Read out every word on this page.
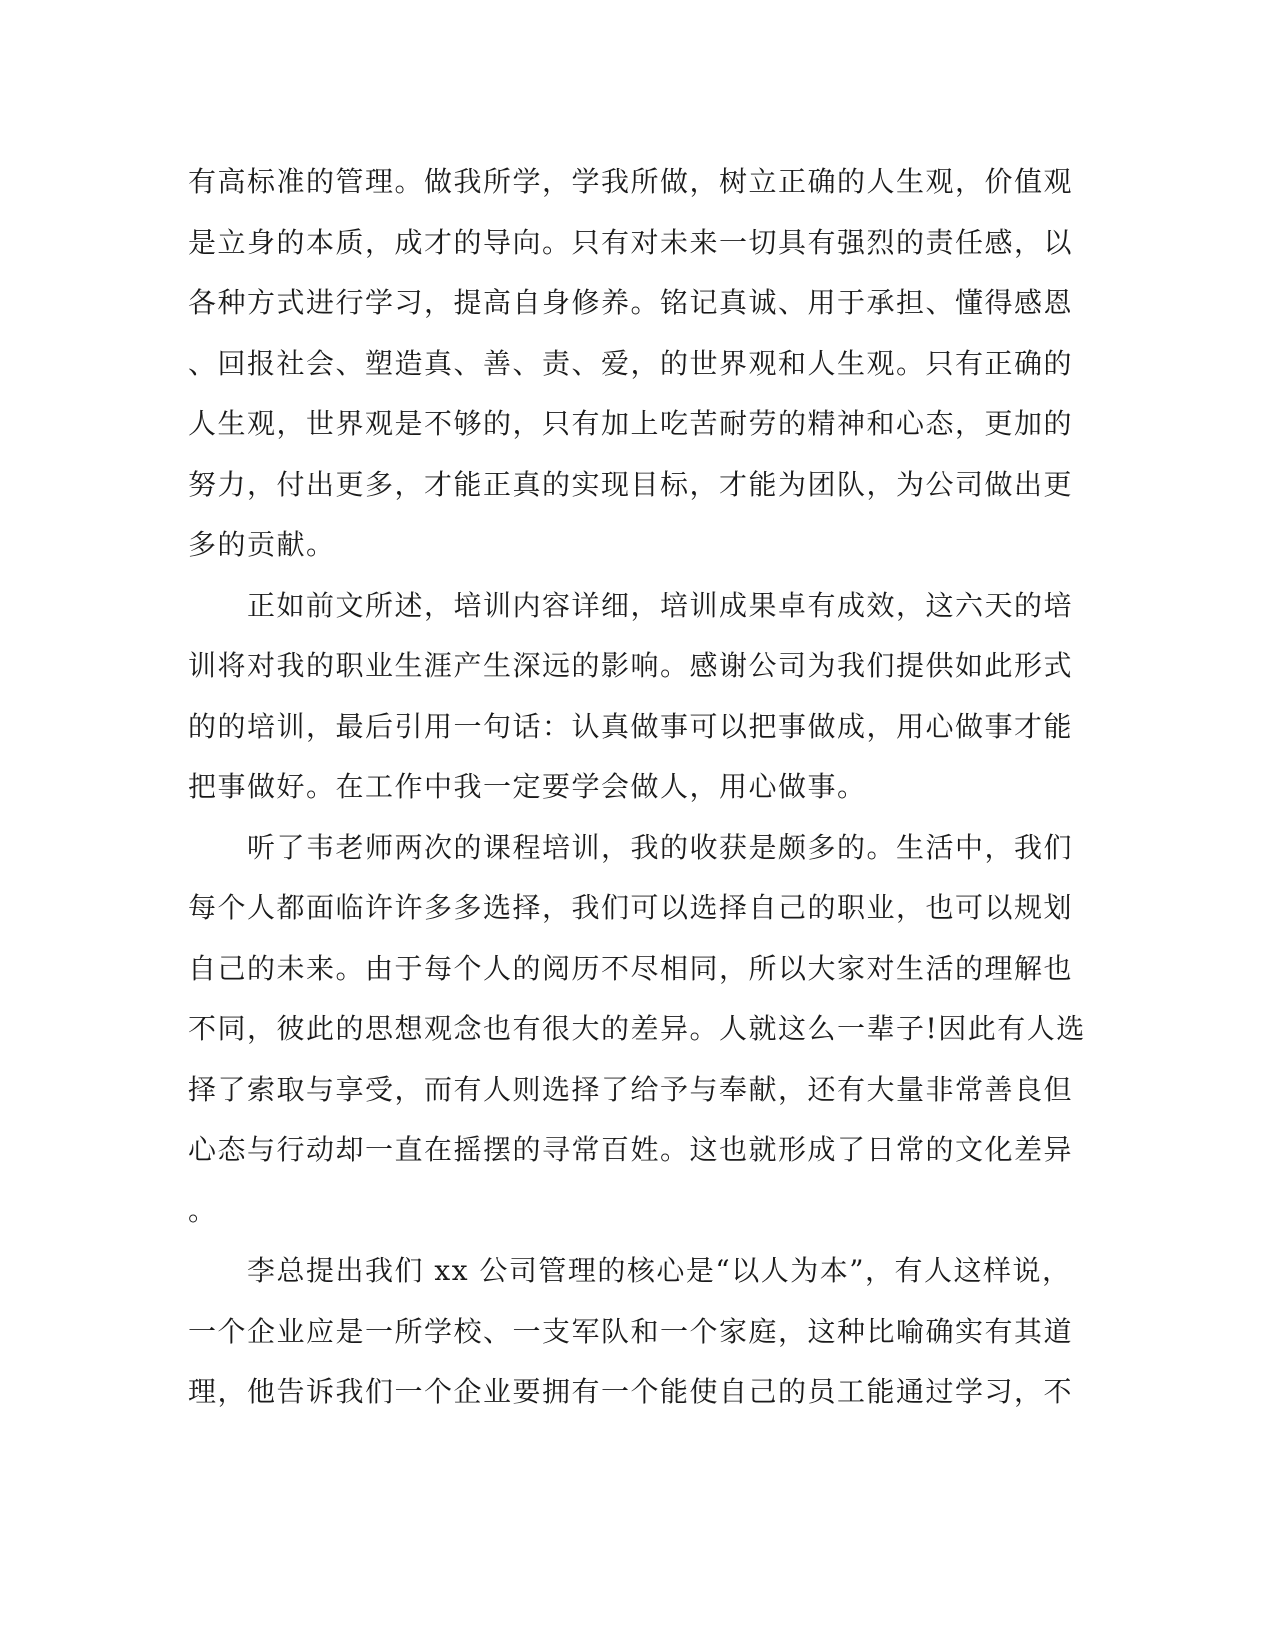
有高标准的管理。做我所学，学我所做，树立正确的人生观，价值观
是立身的本质，成才的导向。只有对未来一切具有强烈的责任感，以
各种方式进行学习，提高自身修养。铭记真诚、用于承担、懂得感恩
、回报社会、塑造真、善、责、爱，的世界观和人生观。只有正确的
人生观，世界观是不够的，只有加上吃苦耐劳的精神和心态，更加的
努力，付出更多，才能正真的实现目标，才能为团队，为公司做出更
多的贡献。
　　正如前文所述，培训内容详细，培训成果卓有成效，这六天的培
训将对我的职业生涯产生深远的影响。感谢公司为我们提供如此形式
的的培训，最后引用一句话：认真做事可以把事做成，用心做事才能
把事做好。在工作中我一定要学会做人，用心做事。
　　听了韦老师两次的课程培训，我的收获是颇多的。生活中，我们
每个人都面临许许多多选择，我们可以选择自己的职业，也可以规划
自己的未来。由于每个人的阅历不尽相同，所以大家对生活的理解也
不同，彼此的思想观念也有很大的差异。人就这么一辈子!因此有人选
择了索取与享受，而有人则选择了给予与奉献，还有大量非常善良但
心态与行动却一直在摇摆的寻常百姓。这也就形成了日常的文化差异
。
　　李总提出我们 xx 公司管理的核心是“以人为本”，有人这样说，
一个企业应是一所学校、一支军队和一个家庭，这种比喻确实有其道
理，他告诉我们一个企业要拥有一个能使自己的员工能通过学习，不
